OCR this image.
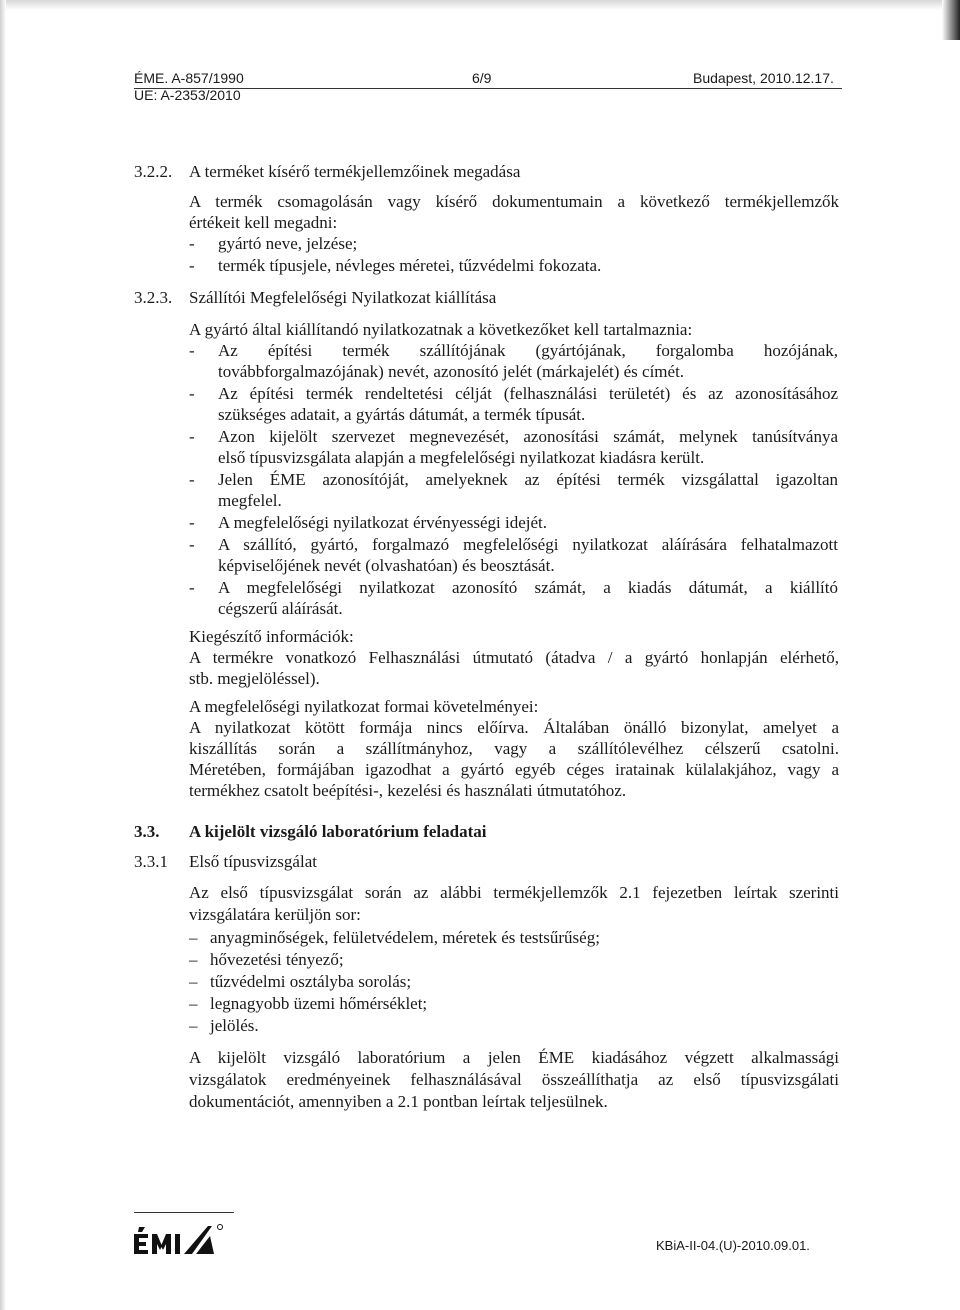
ÉME. A-857/1990
UE: A-2353/2010
6/9	Budapest, 2010.12.17.
3.2.2. A terméket kísérő termékjellemzőinek megadása
A termék csomagolásán vagy kísérő dokumentumain a következő termékjellemzők
értékeit kell megadni:
- gyártó neve, jelzése;
- termék típusjele, névleges méretei, tűzvédelmi fokozata.
3.2.3. Szállítói Megfelelőségi Nyilatkozat kiállítása
A gyártó által kiállítandó nyilatkozatnak a következőket kell tartalmaznia:
- Az építési termék szállítójának (gyártójának, forgalomba hozójának,
továbbforgalmazójának) nevét, azonosító jelét (márkajelét) és címét.
- Az építési termék rendeltetési célját (felhasználási területét) és az azonosításához
szükséges adatait, a gyártás dátumát, a termék típusát.
- Azon kijelölt szervezet megnevezését, azonosítási számát, melynek tanúsítványa
első típusvizsgálata alapján a megfelelőségi nyilatkozat kiadásra került.
- Jelen ÉME azonosítóját, amelyeknek az építési termék vizsgálattal igazoltan
megfelel.
- A megfelelőségi nyilatkozat érvényességi idejét.
- A szállító, gyártó, forgalmazó megfelelőségi nyilatkozat aláírására felhatalmazott
képviselőjének nevét (olvashatóan) és beosztását.
- A megfelelőségi nyilatkozat azonosító számát, a kiadás dátumát, a kiállító
cégszerű aláírását.
Kiegészítő információk:
A termékre vonatkozó Felhasználási útmutató (átadva / a gyártó honlapján elérhető,
stb. megjelöléssel).
A megfelelőségi nyilatkozat formai követelményei:
A nyilatkozat kötött formája nincs előírva. Általában önálló bizonylat, amelyet a
kiszállítás során a szállítmányhoz, vagy a szállítólevélhez célszerű csatolni.
Méretében, formájában igazodhat a gyártó egyéb céges iratainak külalakjához, vagy a
termékhez csatolt beépítési-, kezelési és használati útmutatóhoz.
3.3. A kijelölt vizsgáló laboratórium feladatai
3.3.1 Első típusvizsgálat
Az első típusvizsgálat során az alábbi termékjellemzők 2.1 fejezetben leírtak szerinti
vizsgálatára kerüljön sor:
– anyagminőségek, felületvédelem, méretek és testsűrűség;
– hővezetési tényező;
– tűzvédelmi osztályba sorolás;
– legnagyobb üzemi hőmérséklet;
– jelölés.
A kijelölt vizsgáló laboratórium a jelen ÉME kiadásához végzett alkalmassági
vizsgálatok eredményeinek felhasználásával összeállíthatja az első típusvizsgálati
dokumentációt, amennyiben a 2.1 pontban leírtak teljesülnek.
KBiA-II-04.(U)-2010.09.01.
